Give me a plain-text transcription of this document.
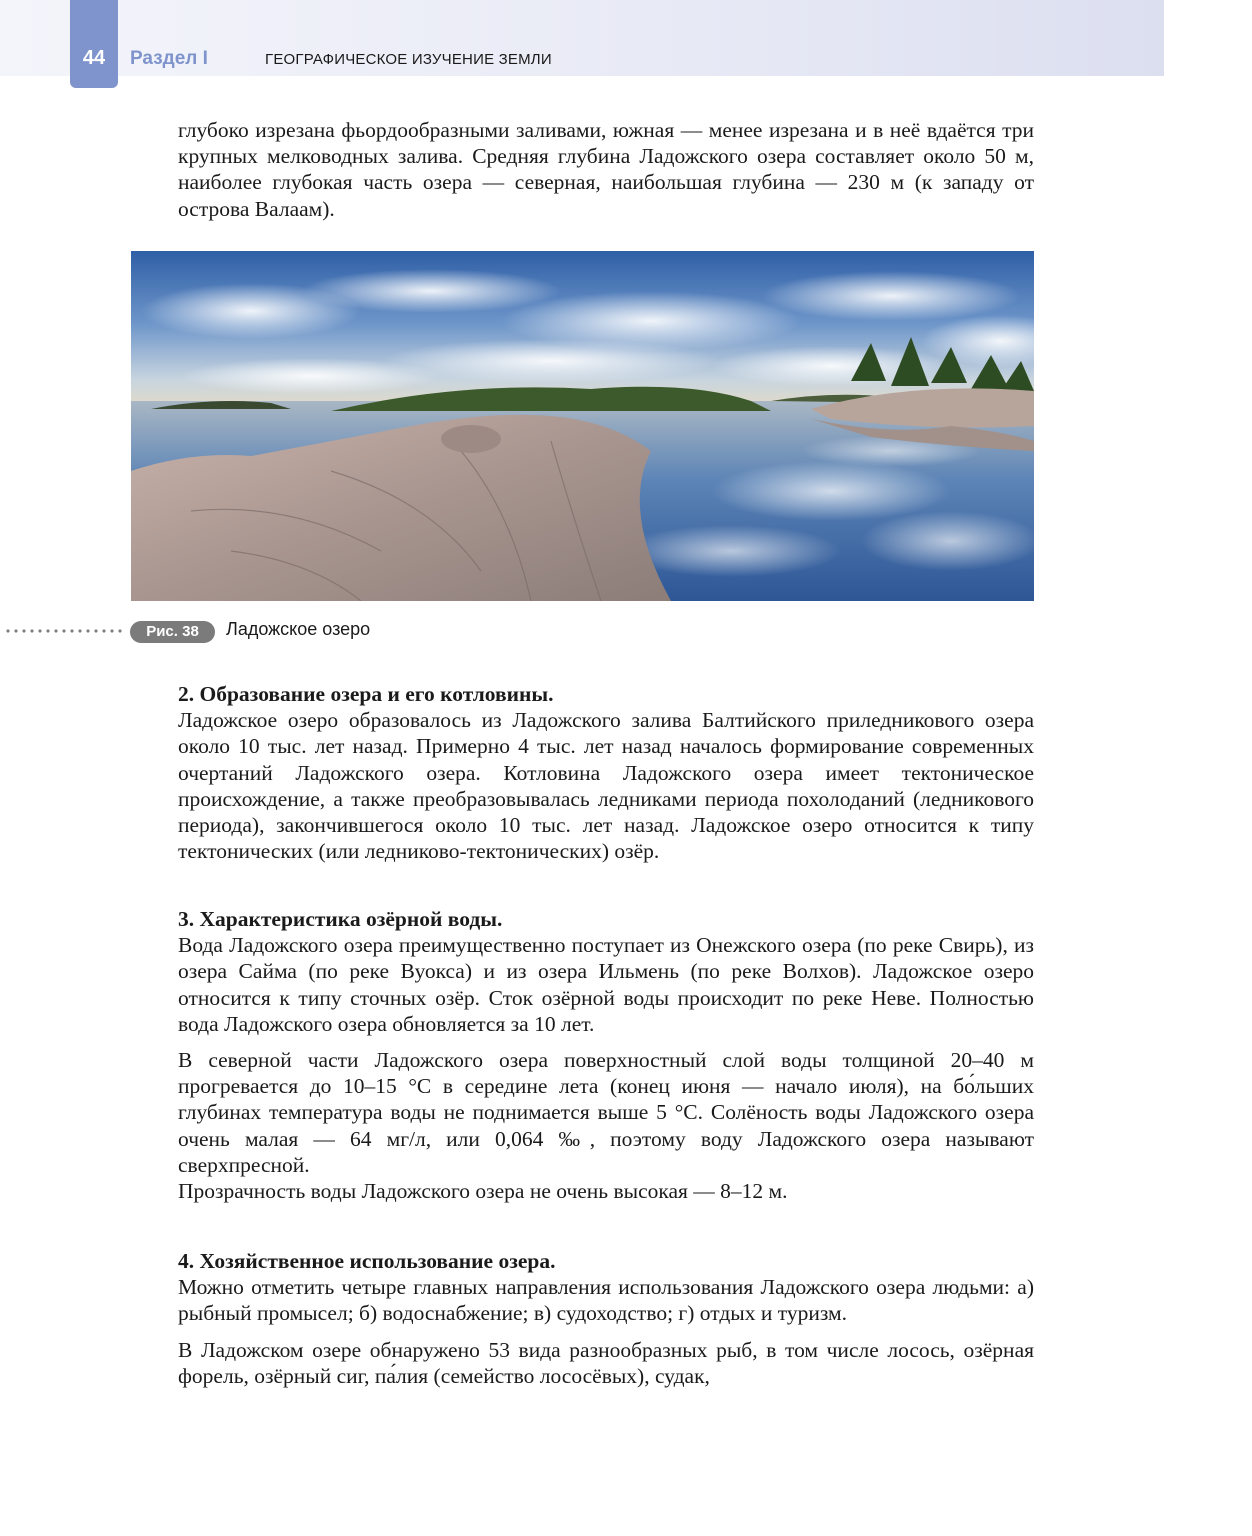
44	Раздел I	ГЕОГРАФИЧЕСКОЕ ИЗУЧЕНИЕ ЗЕМЛИ

глубоко изрезана фьордообразными заливами, южная — менее изрезана и в неё вдаётся три крупных мелководных залива. Средняя глубина Ладожского озера составляет около 50 м, наиболее глубокая часть озера — северная, наибольшая глубина — 230 м (к западу от острова Валаам).

Рис. 38	Ладожское озеро

2. Образование озера и его котловины.

Ладожское озеро образовалось из Ладожского залива Балтийского приледникового озера около 10 тыс. лет назад. Примерно 4 тыс. лет назад началось формирование современных очертаний Ладожского озера. Котловина Ладожского озера имеет тектоническое происхождение, а также преобразовывалась ледниками периода похолоданий (ледникового периода), закончившегося около 10 тыс. лет назад. Ладожское озеро относится к типу тектонических (или ледниково-тектонических) озёр.

3. Характеристика озёрной воды.

Вода Ладожского озера преимущественно поступает из Онежского озера (по реке Свирь), из озера Сайма (по реке Вуокса) и из озера Ильмень (по реке Волхов). Ладожское озеро относится к типу сточных озёр. Сток озёрной воды происходит по реке Неве. Полностью вода Ладожского озера обновляется за 10 лет.

В северной части Ладожского озера поверхностный слой воды толщиной 20–40 м прогревается до 10–15 °С в середине лета (конец июня — начало июля), на бо́льших глубинах температура воды не поднимается выше 5 °С. Солёность воды Ладожского озера очень малая — 64 мг/л, или 0,064 ‰, поэтому воду Ладожского озера называют сверхпресной.

Прозрачность воды Ладожского озера не очень высокая — 8–12 м.

4. Хозяйственное использование озера.

Можно отметить четыре главных направления использования Ладожского озера людьми: а) рыбный промысел; б) водоснабжение; в) судоходство; г) отдых и туризм.

В Ладожском озере обнаружено 53 вида разнообразных рыб, в том числе лосось, озёрная форель, озёрный сиг, па́лия (семейство лососёвых), судак,
